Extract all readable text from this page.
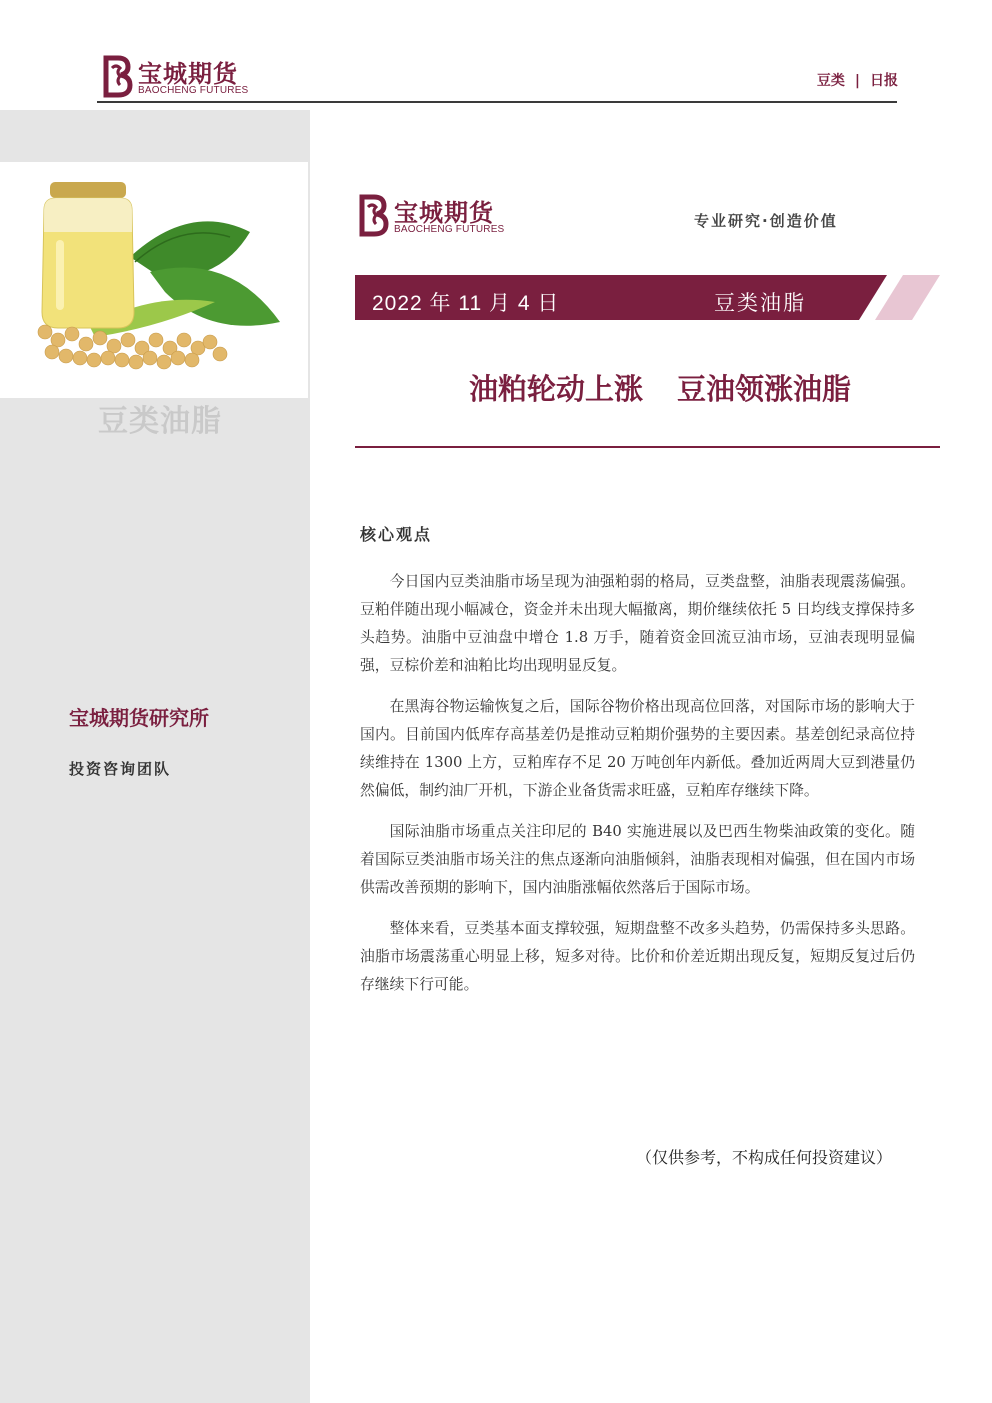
宝城期货
BAOCHENG FUTURES
豆类 | 日报
豆类油脂
宝城期货研究所
投资咨询团队
宝城期货
BAOCHENG FUTURES	专业研究·创造价值
2022 年 11 月 4 日	豆类油脂
油粕轮动上涨 豆油领涨油脂
核心观点

今日国内豆类油脂市场呈现为油强粕弱的格局，豆类盘整，油脂表现震荡偏强。豆粕伴随出现小幅减仓，资金并未出现大幅撤离，期价继续依托 5 日均线支撑保持多头趋势。油脂中豆油盘中增仓 1.8 万手，随着资金回流豆油市场，豆油表现明显偏强，豆棕价差和油粕比均出现明显反复。

在黑海谷物运输恢复之后，国际谷物价格出现高位回落，对国际市场的影响大于国内。目前国内低库存高基差仍是推动豆粕期价强势的主要因素。基差创纪录高位持续维持在 1300 上方，豆粕库存不足 20 万吨创年内新低。叠加近两周大豆到港量仍然偏低，制约油厂开机，下游企业备货需求旺盛，豆粕库存继续下降。

国际油脂市场重点关注印尼的 B40 实施进展以及巴西生物柴油政策的变化。随着国际豆类油脂市场关注的焦点逐渐向油脂倾斜，油脂表现相对偏强，但在国内市场供需改善预期的影响下，国内油脂涨幅依然落后于国际市场。

整体来看，豆类基本面支撑较强，短期盘整不改多头趋势，仍需保持多头思路。油脂市场震荡重心明显上移，短多对待。比价和价差近期出现反复，短期反复过后仍存继续下行可能。

（仅供参考，不构成任何投资建议）
